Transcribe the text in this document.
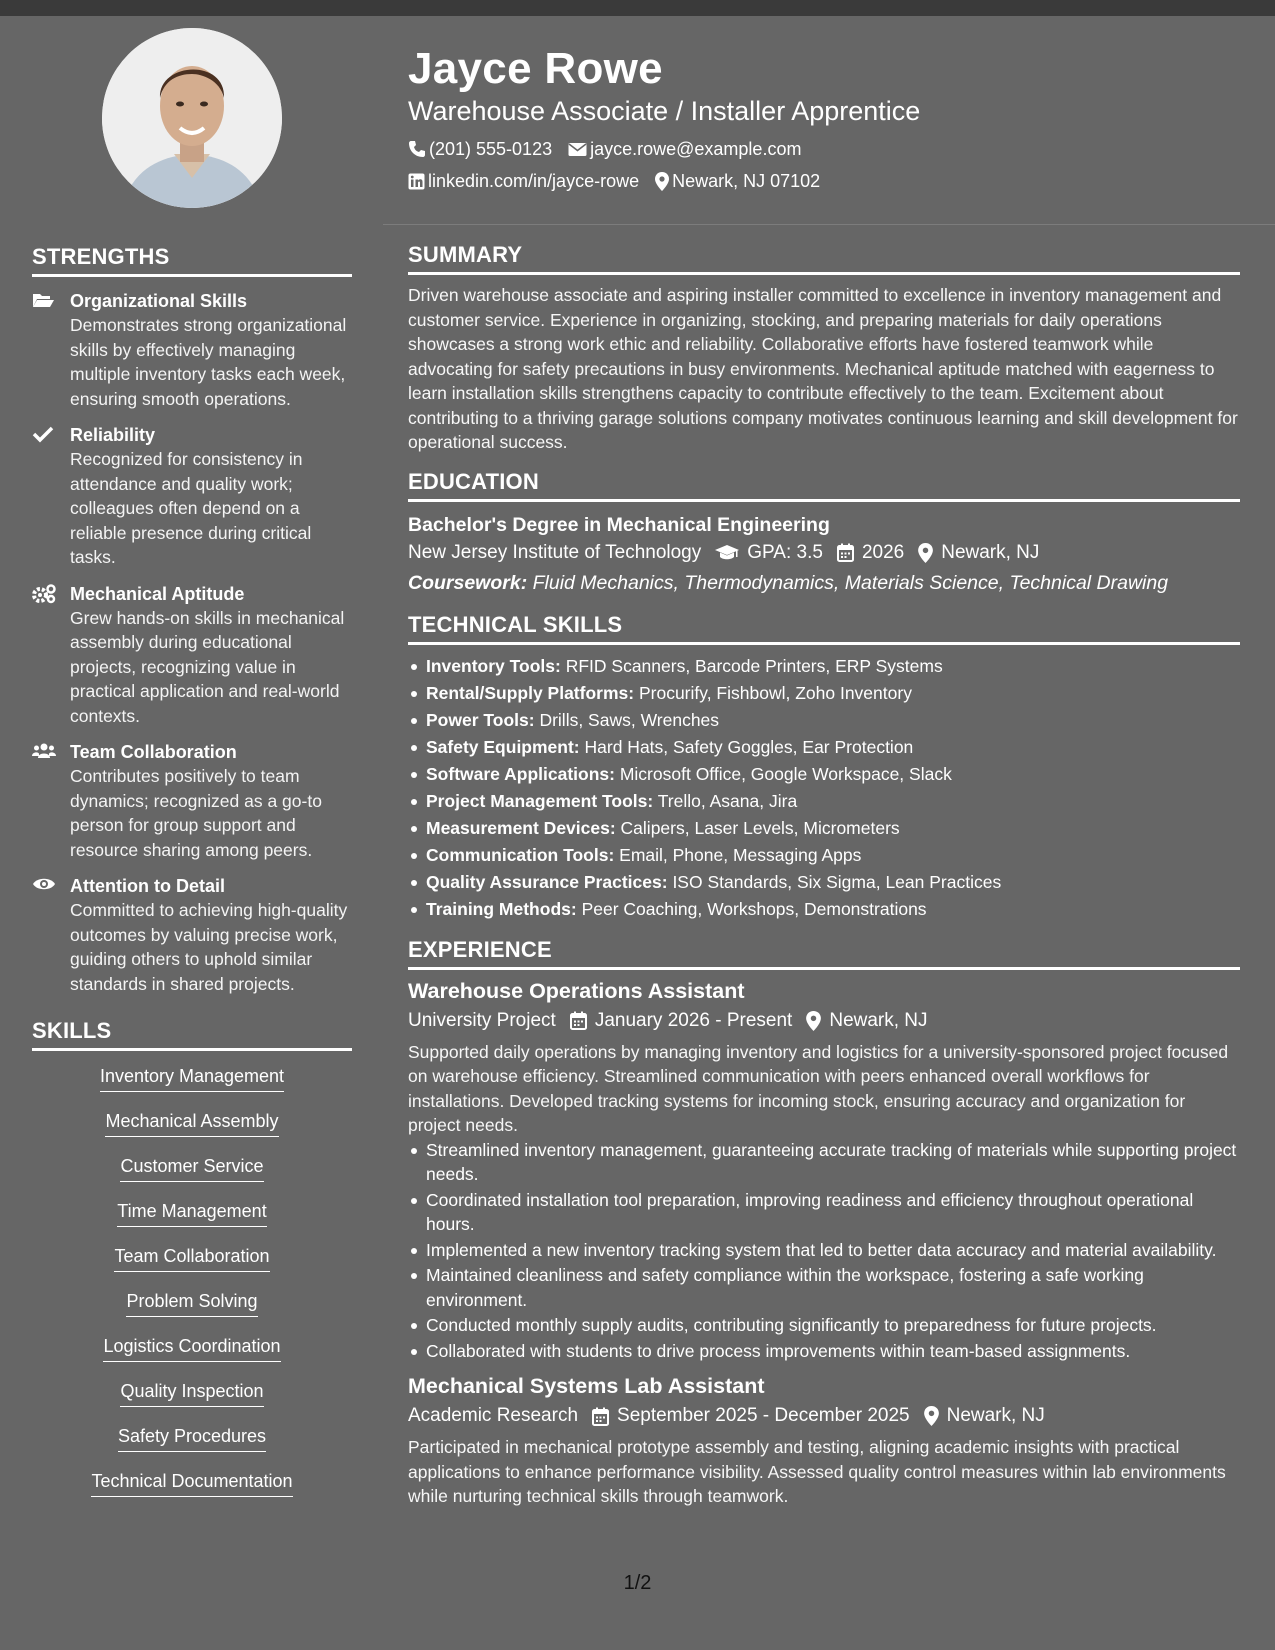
STRENGTHS
Organizational Skills
Demonstrates strong organizational skills by effectively managing multiple inventory tasks each week, ensuring smooth operations.
Reliability
Recognized for consistency in attendance and quality work; colleagues often depend on a reliable presence during critical tasks.
Mechanical Aptitude
Grew hands-on skills in mechanical assembly during educational projects, recognizing value in practical application and real-world contexts.
Team Collaboration
Contributes positively to team dynamics; recognized as a go-to person for group support and resource sharing among peers.
Attention to Detail
Committed to achieving high-quality outcomes by valuing precise work, guiding others to uphold similar standards in shared projects.
SKILLS
Inventory Management
Mechanical Assembly
Customer Service
Time Management
Team Collaboration
Problem Solving
Logistics Coordination
Quality Inspection
Safety Procedures
Technical Documentation
Jayce Rowe
Warehouse Associate / Installer Apprentice
(201) 555-0123 jayce.rowe@example.com
linkedin.com/in/jayce-rowe Newark, NJ 07102
SUMMARY
Driven warehouse associate and aspiring installer committed to excellence in inventory management and customer service. Experience in organizing, stocking, and preparing materials for daily operations showcases a strong work ethic and reliability. Collaborative efforts have fostered teamwork while advocating for safety precautions in busy environments. Mechanical aptitude matched with eagerness to learn installation skills strengthens capacity to contribute effectively to the team. Excitement about contributing to a thriving garage solutions company motivates continuous learning and skill development for operational success.
EDUCATION
Bachelor's Degree in Mechanical Engineering
New Jersey Institute of Technology GPA: 3.5 2026 Newark, NJ
Coursework: Fluid Mechanics, Thermodynamics, Materials Science, Technical Drawing
TECHNICAL SKILLS
Inventory Tools: RFID Scanners, Barcode Printers, ERP Systems
Rental/Supply Platforms: Procurify, Fishbowl, Zoho Inventory
Power Tools: Drills, Saws, Wrenches
Safety Equipment: Hard Hats, Safety Goggles, Ear Protection
Software Applications: Microsoft Office, Google Workspace, Slack
Project Management Tools: Trello, Asana, Jira
Measurement Devices: Calipers, Laser Levels, Micrometers
Communication Tools: Email, Phone, Messaging Apps
Quality Assurance Practices: ISO Standards, Six Sigma, Lean Practices
Training Methods: Peer Coaching, Workshops, Demonstrations
EXPERIENCE
Warehouse Operations Assistant
University Project January 2026 - Present Newark, NJ
Supported daily operations by managing inventory and logistics for a university-sponsored project focused on warehouse efficiency. Streamlined communication with peers enhanced overall workflows for installations. Developed tracking systems for incoming stock, ensuring accuracy and organization for project needs.
Streamlined inventory management, guaranteeing accurate tracking of materials while supporting project needs.
Coordinated installation tool preparation, improving readiness and efficiency throughout operational hours.
Implemented a new inventory tracking system that led to better data accuracy and material availability.
Maintained cleanliness and safety compliance within the workspace, fostering a safe working environment.
Conducted monthly supply audits, contributing significantly to preparedness for future projects.
Collaborated with students to drive process improvements within team-based assignments.
Mechanical Systems Lab Assistant
Academic Research September 2025 - December 2025 Newark, NJ
Participated in mechanical prototype assembly and testing, aligning academic insights with practical applications to enhance performance visibility. Assessed quality control measures within lab environments while nurturing technical skills through teamwork.
1/2
